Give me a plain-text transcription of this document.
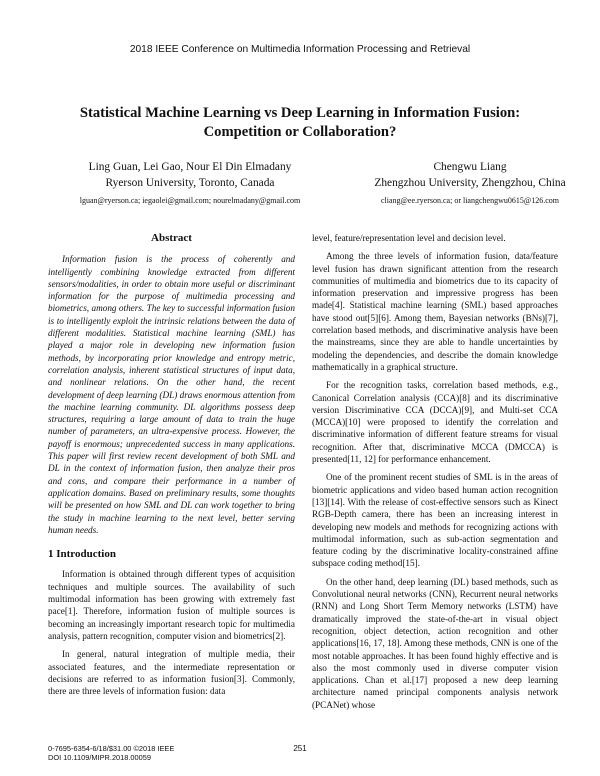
2018 IEEE Conference on Multimedia Information Processing and Retrieval
Statistical Machine Learning vs Deep Learning in Information Fusion:
Competition or Collaboration?
Ling Guan, Lei Gao, Nour El Din Elmadany
Ryerson University, Toronto, Canada
lguan@ryerson.ca; iegaolei@gmail.com; nourelmadany@gmail.com
Chengwu Liang
Zhengzhou University, Zhengzhou, China
cliang@ee.ryerson.ca; or liangchengwu0615@126.com
Abstract

Information fusion is the process of coherently and intelligently combining knowledge extracted from different sensors/modalities, in order to obtain more useful or discriminant information for the purpose of multimedia processing and biometrics, among others. The key to successful information fusion is to intelligently exploit the intrinsic relations between the data of different modalities. Statistical machine learning (SML) has played a major role in developing new information fusion methods, by incorporating prior knowledge and entropy metric, correlation analysis, inherent statistical structures of input data, and nonlinear relations. On the other hand, the recent development of deep learning (DL) draws enormous attention from the machine learning community. DL algorithms possess deep structures, requiring a large amount of data to train the huge number of parameters, an ultra-expensive process. However, the payoff is enormous; unprecedented success in many applications. This paper will first review recent development of both SML and DL in the context of information fusion, then analyze their pros and cons, and compare their performance in a number of application domains. Based on preliminary results, some thoughts will be presented on how SML and DL can work together to bring the study in machine learning to the next level, better serving human needs.

1 Introduction

Information is obtained through different types of acquisition techniques and multiple sources. The availability of such multimodal information has been growing with extremely fast pace[1]. Therefore, information fusion of multiple sources is becoming an increasingly important research topic for multimedia analysis, pattern recognition, computer vision and biometrics[2].

In general, natural integration of multiple media, their associated features, and the intermediate representation or decisions are referred to as information fusion[3]. Commonly, there are three levels of information fusion: data

level, feature/representation level and decision level.

Among the three levels of information fusion, data/feature level fusion has drawn significant attention from the research communities of multimedia and biometrics due to its capacity of information preservation and impressive progress has been made[4]. Statistical machine learning (SML) based approaches have stood out[5][6]. Among them, Bayesian networks (BNs)[7], correlation based methods, and discriminative analysis have been the mainstreams, since they are able to handle uncertainties by modeling the dependencies, and describe the domain knowledge mathematically in a graphical structure.

For the recognition tasks, correlation based methods, e.g., Canonical Correlation analysis (CCA)[8] and its discriminative version Discriminative CCA (DCCA)[9], and Multi-set CCA (MCCA)[10] were proposed to identify the correlation and discriminative information of different feature streams for visual recognition. After that, discriminative MCCA (DMCCA) is presented[11, 12] for performance enhancement.

One of the prominent recent studies of SML is in the areas of biometric applications and video based human action recognition [13][14]. With the release of cost-effective sensors such as Kinect RGB-Depth camera, there has been an increasing interest in developing new models and methods for recognizing actions with multimodal information, such as sub-action segmentation and feature coding by the discriminative locality-constrained affine subspace coding method[15].

On the other hand, deep learning (DL) based methods, such as Convolutional neural networks (CNN), Recurrent neural networks (RNN) and Long Short Term Memory networks (LSTM) have dramatically improved the state-of-the-art in visual object recognition, object detection, action recognition and other applications[16, 17, 18]. Among these methods, CNN is one of the most notable approaches. It has been found highly effective and is also the most commonly used in diverse computer vision applications. Chan et al.[17] proposed a new deep learning architecture named principal components analysis network (PCANet) whose

0-7695-6354-6/18/$31.00 ©2018 IEEE
DOI 10.1109/MIPR.2018.00059
251
